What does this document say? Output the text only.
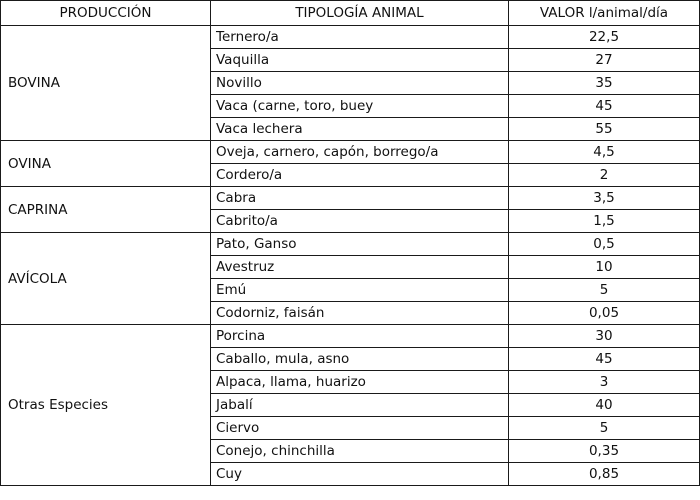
PRODUCCIÓN	TIPOLOGÍA ANIMAL	VALOR l/animal/día
BOVINA	Ternero/a	22,5
	Vaquilla	27
	Novillo	35
	Vaca (carne, toro, buey	45
	Vaca lechera	55
OVINA	Oveja, carnero, capón, borrego/a	4,5
	Cordero/a	2
CAPRINA	Cabra	3,5
	Cabrito/a	1,5
AVÍCOLA	Pato, Ganso	0,5
	Avestruz	10
	Emú	5
	Codorniz, faisán	0,05
Otras Especies	Porcina	30
	Caballo, mula, asno	45
	Alpaca, llama, huarizo	3
	Jabalí	40
	Ciervo	5
	Conejo, chinchilla	0,35
	Cuy	0,85
